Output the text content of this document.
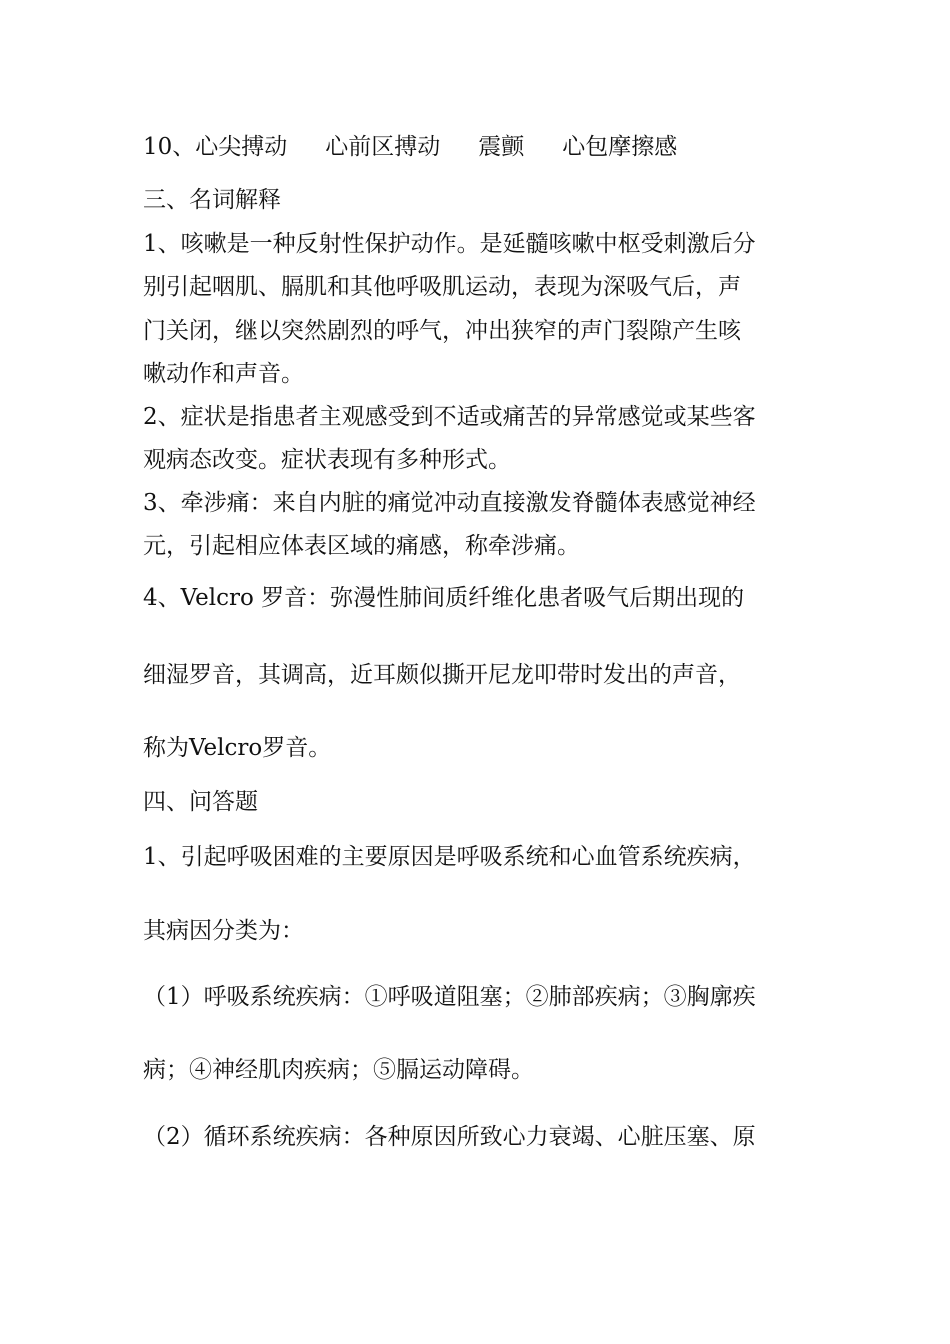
10、心尖搏动 心前区搏动 震颤 心包摩擦感
三、名词解释
1、咳嗽是一种反射性保护动作。是延髓咳嗽中枢受刺激后分
别引起咽肌、膈肌和其他呼吸肌运动，表现为深吸气后，声
门关闭，继以突然剧烈的呼气，冲出狭窄的声门裂隙产生咳
嗽动作和声音。
2、症状是指患者主观感受到不适或痛苦的异常感觉或某些客
观病态改变。症状表现有多种形式。
3、牵涉痛：来自内脏的痛觉冲动直接激发脊髓体表感觉神经
元，引起相应体表区域的痛感，称牵涉痛。
4、Velcro 罗音：弥漫性肺间质纤维化患者吸气后期出现的
细湿罗音，其调高，近耳颇似撕开尼龙叩带时发出的声音，
称为Velcro罗音。
四、问答题
1、引起呼吸困难的主要原因是呼吸系统和心血管系统疾病，
其病因分类为：
（1）呼吸系统疾病：①呼吸道阻塞；②肺部疾病；③胸廓疾
病；④神经肌肉疾病；⑤膈运动障碍。
（2）循环系统疾病：各种原因所致心力衰竭、心脏压塞、原
